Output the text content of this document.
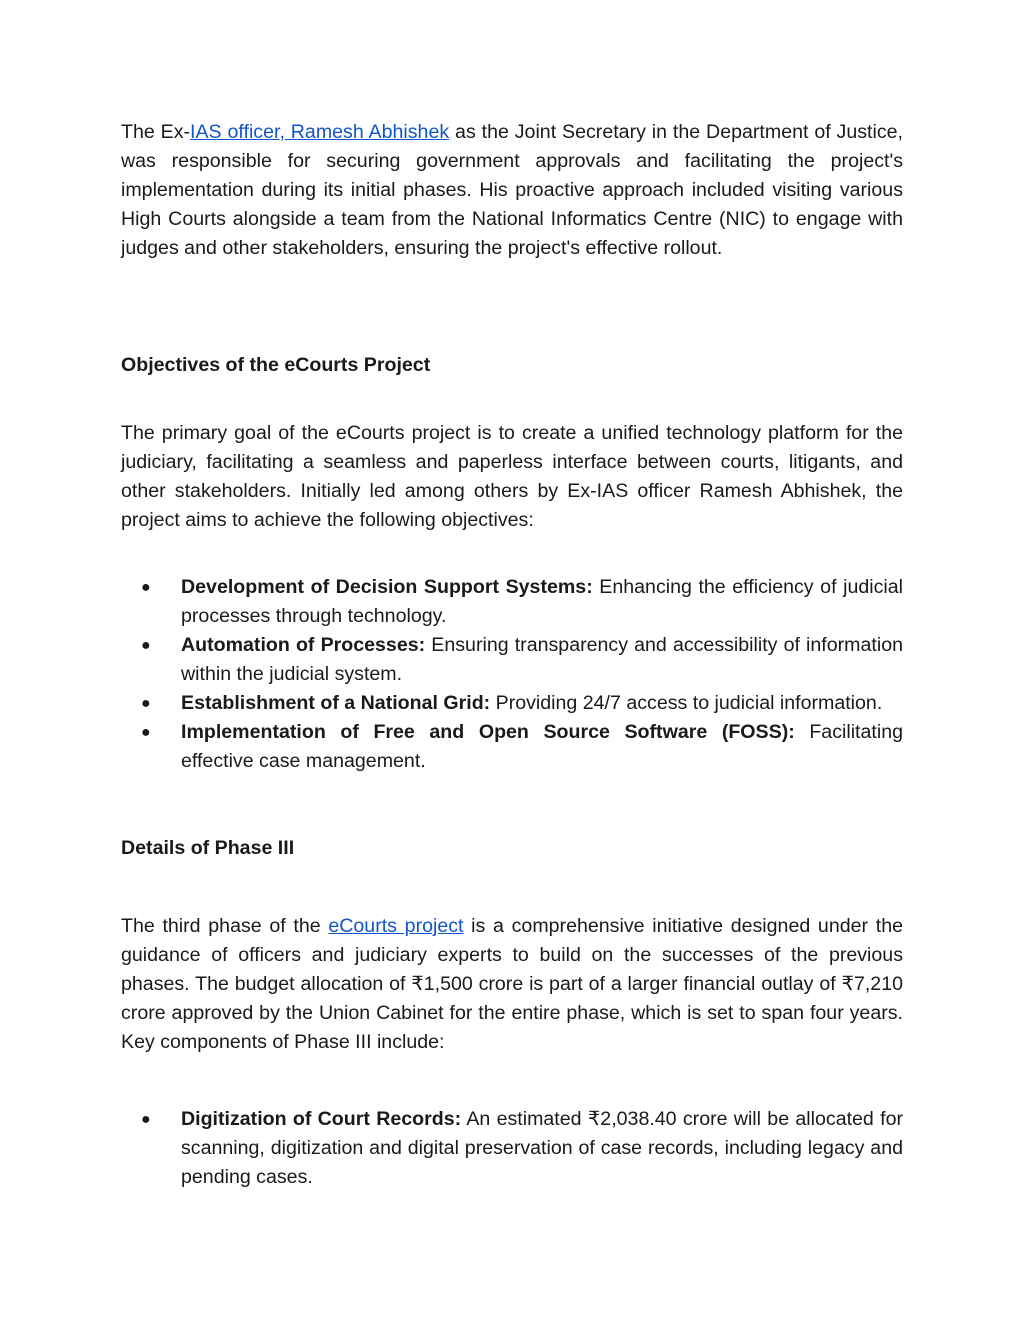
The Ex-IAS officer, Ramesh Abhishek as the Joint Secretary in the Department of Justice, was responsible for securing government approvals and facilitating the project's implementation during its initial phases. His proactive approach included visiting various High Courts alongside a team from the National Informatics Centre (NIC) to engage with judges and other stakeholders, ensuring the project's effective rollout.

Objectives of the eCourts Project

The primary goal of the eCourts project is to create a unified technology platform for the judiciary, facilitating a seamless and paperless interface between courts, litigants, and other stakeholders. Initially led among others by Ex-IAS officer Ramesh Abhishek, the project aims to achieve the following objectives:

● Development of Decision Support Systems: Enhancing the efficiency of judicial processes through technology.
● Automation of Processes: Ensuring transparency and accessibility of information within the judicial system.
● Establishment of a National Grid: Providing 24/7 access to judicial information.
● Implementation of Free and Open Source Software (FOSS): Facilitating effective case management.
Details of Phase III

The third phase of the eCourts project is a comprehensive initiative designed under the guidance of officers and judiciary experts to build on the successes of the previous phases. The budget allocation of ₹1,500 crore is part of a larger financial outlay of ₹7,210 crore approved by the Union Cabinet for the entire phase, which is set to span four years. Key components of Phase III include:

● Digitization of Court Records: An estimated ₹2,038.40 crore will be allocated for scanning, digitization and digital preservation of case records, including legacy and pending cases.
